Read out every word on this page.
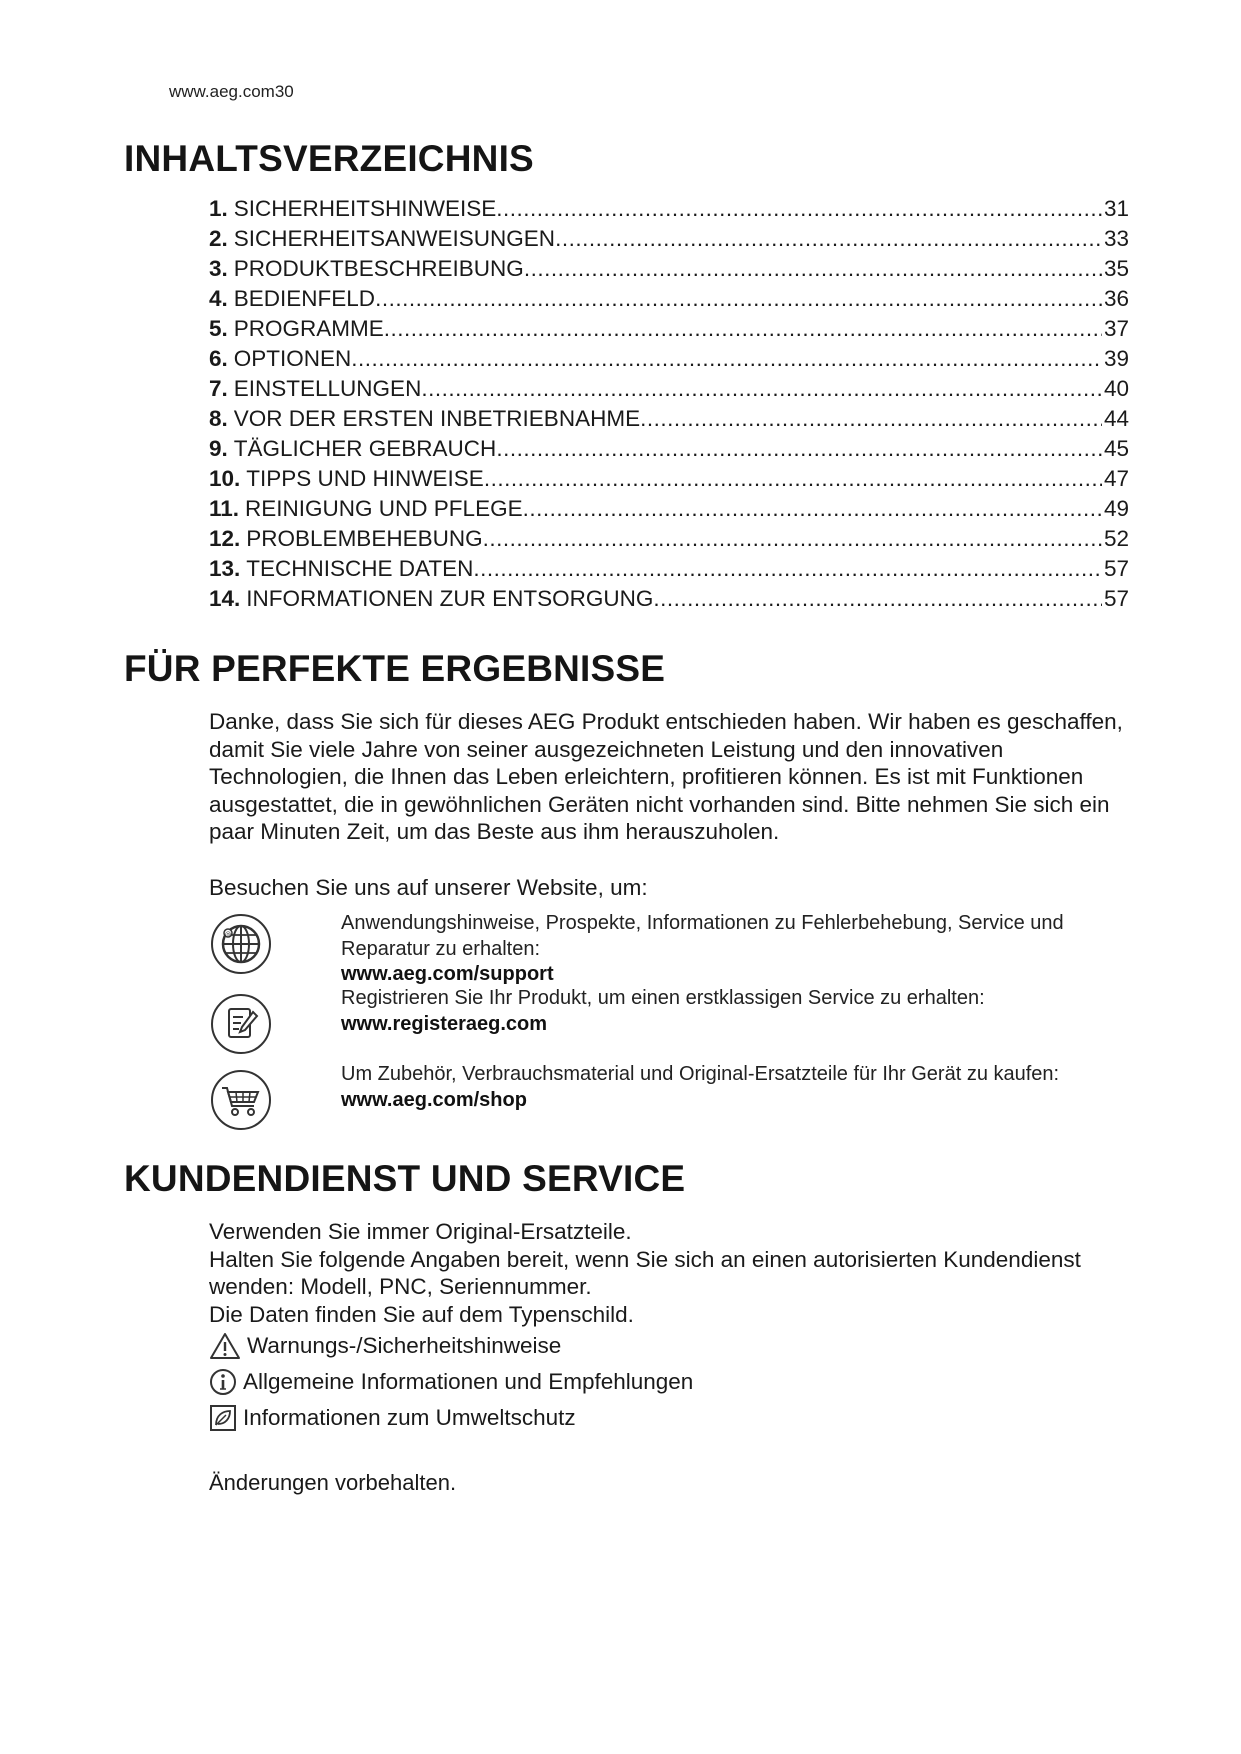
www.aeg.com30
INHALTSVERZEICHNIS
1. SICHERHEITSHINWEISE .....	31
2. SICHERHEITSANWEISUNGEN .....	33
3. PRODUKTBESCHREIBUNG .....	35
4. BEDIENFELD .....	36
5. PROGRAMME .....	37
6. OPTIONEN .....	39
7. EINSTELLUNGEN .....	40
8. VOR DER ERSTEN INBETRIEBNAHME .....	44
9. TÄGLICHER GEBRAUCH .....	45
10. TIPPS UND HINWEISE .....	47
11. REINIGUNG UND PFLEGE .....	49
12. PROBLEMBEHEBUNG .....	52
13. TECHNISCHE DATEN .....	57
14. INFORMATIONEN ZUR ENTSORGUNG .....	57
FÜR PERFEKTE ERGEBNISSE

Danke, dass Sie sich für dieses AEG Produkt entschieden haben. Wir haben es geschaffen, damit Sie viele Jahre von seiner ausgezeichneten Leistung und den innovativen Technologien, die Ihnen das Leben erleichtern, profitieren können. Es ist mit Funktionen ausgestattet, die in gewöhnlichen Geräten nicht vorhanden sind. Bitte nehmen Sie sich ein paar Minuten Zeit, um das Beste aus ihm herauszuholen.

Besuchen Sie uns auf unserer Website, um:

@
Anwendungshinweise, Prospekte, Informationen zu Fehlerbehebung, Service und Reparatur zu erhalten:
www.aeg.com/support
Registrieren Sie Ihr Produkt, um einen erstklassigen Service zu erhalten:
www.registeraeg.com
Um Zubehör, Verbrauchsmaterial und Original-Ersatzteile für Ihr Gerät zu kaufen:
www.aeg.com/shop
KUNDENDIENST UND SERVICE
Verwenden Sie immer Original-Ersatzteile.
Halten Sie folgende Angaben bereit, wenn Sie sich an einen autorisierten Kundendienst wenden: Modell, PNC, Seriennummer.
Die Daten finden Sie auf dem Typenschild.
Warnungs-/Sicherheitshinweise
Allgemeine Informationen und Empfehlungen
Informationen zum Umweltschutz

Änderungen vorbehalten.
